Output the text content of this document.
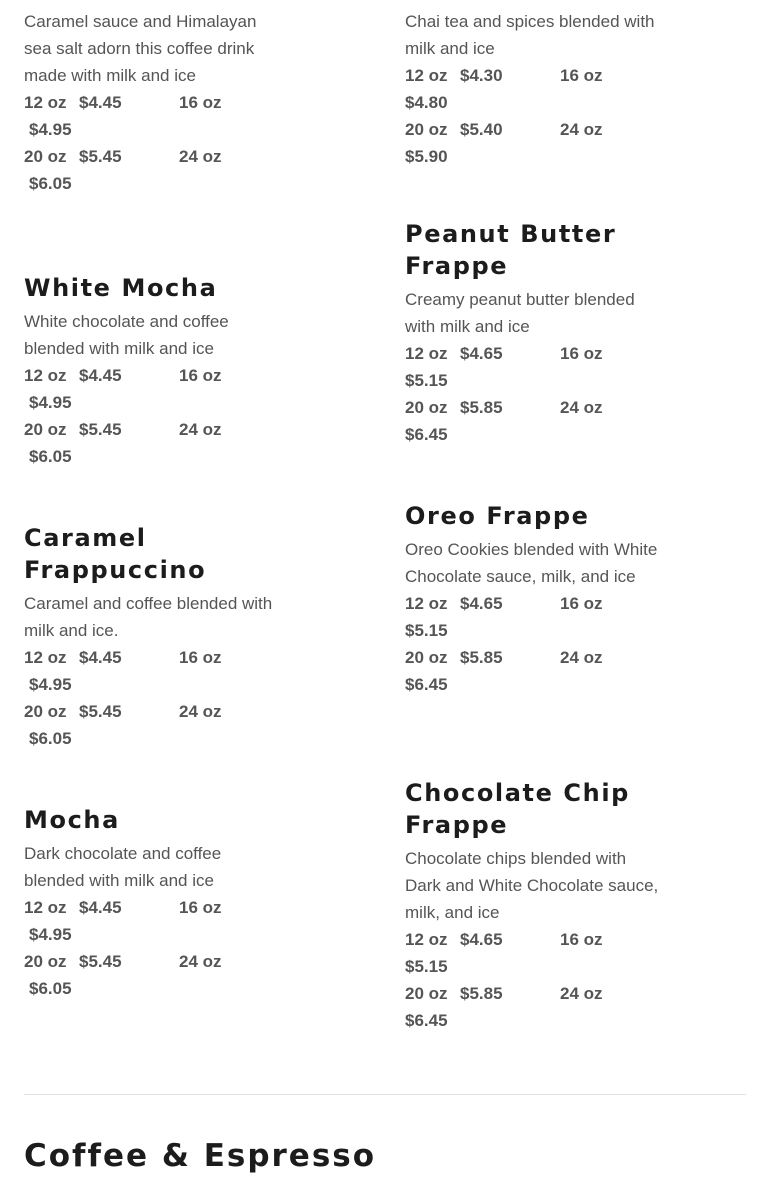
Caramel sauce and Himalayan sea salt adorn this coffee drink made with milk and ice

12 oz $4.45	16 oz
$4.95
20 oz $5.45	24 oz
$6.05
White Mocha

White chocolate and coffee blended with milk and ice

12 oz $4.45	16 oz
$4.95
20 oz $5.45	24 oz
$6.05
Caramel Frappuccino

Caramel and coffee blended with milk and ice.

12 oz $4.45	16 oz
$4.95
20 oz $5.45	24 oz
$6.05
Mocha

Dark chocolate and coffee blended with milk and ice

12 oz $4.45	16 oz
$4.95
20 oz $5.45	24 oz
$6.05

Chai tea and spices blended with milk and ice

12 oz $4.30	16 oz
$4.80
20 oz $5.40	24 oz
$5.90
Peanut Butter Frappe

Creamy peanut butter blended with milk and ice

12 oz $4.65	16 oz
$5.15
20 oz $5.85	24 oz
$6.45
Oreo Frappe

Oreo Cookies blended with White Chocolate sauce, milk, and ice

12 oz $4.65	16 oz
$5.15
20 oz $5.85	24 oz
$6.45
Chocolate Chip Frappe

Chocolate chips blended with Dark and White Chocolate sauce, milk, and ice

12 oz $4.65	16 oz
$5.15
20 oz $5.85	24 oz
$6.45
Coffee & Espresso
